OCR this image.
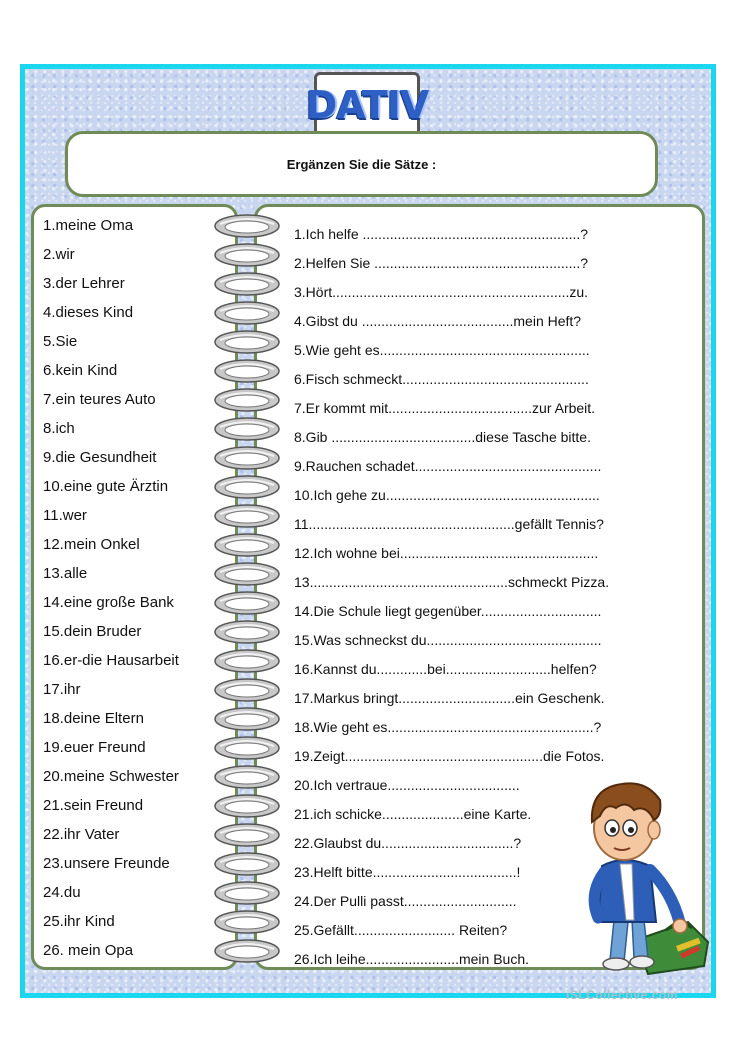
DATIV
Ergänzen Sie die Sätze :
1.meine Oma
2.wir
3.der Lehrer
4.dieses Kind
5.Sie
6.kein Kind
7.ein teures Auto
8.ich
9.die Gesundheit
10.eine gute Ärztin
11.wer
12.mein Onkel
13.alle
14.eine große Bank
15.dein Bruder
16.er-die Hausarbeit
17.ihr
18.deine Eltern
19.euer Freund
20.meine Schwester
21.sein Freund
22.ihr Vater
23.unsere Freunde
24.du
25.ihr Kind
26. mein Opa
1.Ich helfe ........................................................?
2.Helfen Sie .....................................................?
3.Hört.............................................................zu.
4.Gibst du .......................................mein Heft?
5.Wie geht es......................................................
6.Fisch schmeckt................................................
7.Er kommt mit.....................................zur Arbeit.
8.Gib .....................................diese Tasche bitte.
9.Rauchen schadet................................................
10.Ich gehe zu.......................................................
11.....................................................gefällt Tennis?
12.Ich wohne bei...................................................
13...................................................schmeckt Pizza.
14.Die Schule liegt gegenüber...............................
15.Was schneckst du.............................................
16.Kannst du.............bei...........................helfen?
17.Markus bringt..............................ein Geschenk.
18.Wie geht es.....................................................?
19.Zeigt...................................................die Fotos.
20.Ich vertraue..................................
21.ich schicke.....................eine Karte.
22.Glaubst du..................................?
23.Helft bitte.....................................!
24.Der Pulli passt.............................
25.Gefällt.......................... Reiten?
26.Ich leihe........................mein Buch.
iSLCollective.com
